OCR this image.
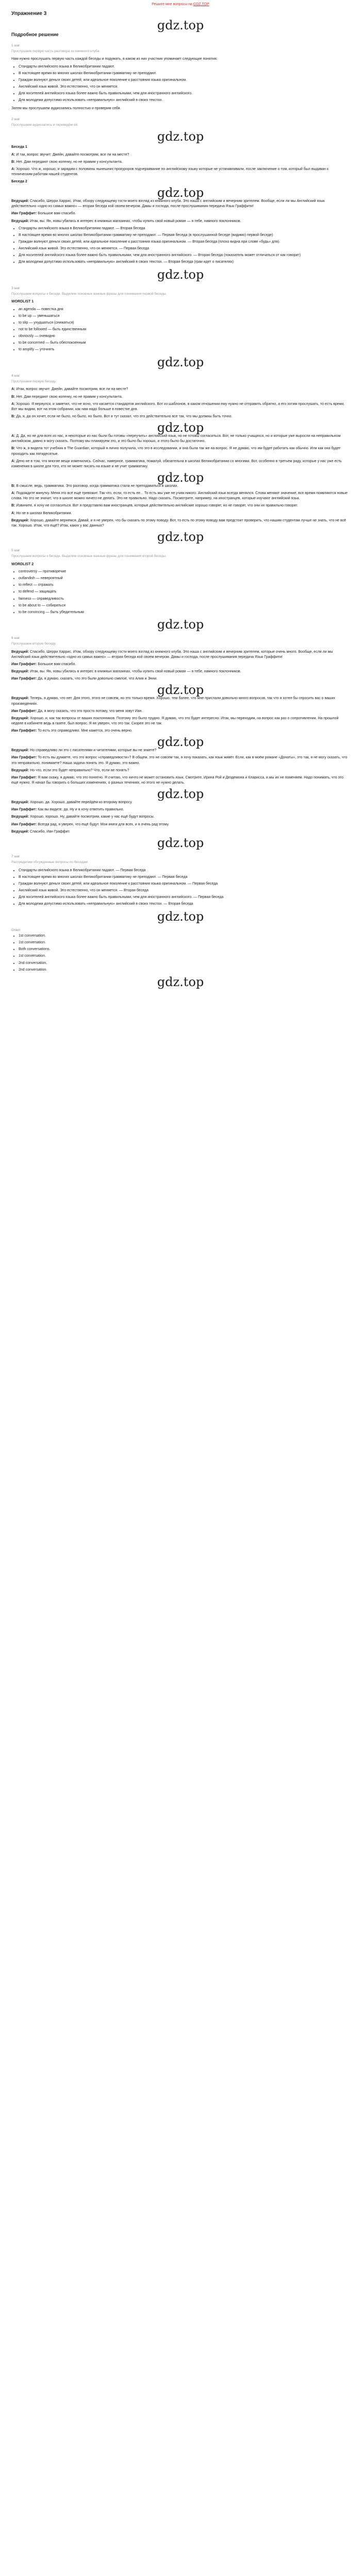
Решите мне вопросы на GDZ.TOP
Упражнение 3
gdz.top
Подробное решение
1 шаг
Прослушаем первую часть разговора из книжного клуба.

Нам нужно прослушать первую часть каждой беседы и подумать, в каком из них участник упоминает следующие понятия:

• Стандарты английского языка в Великобритании падают.
• В настоящее время во многих школах Великобритании грамматику не преподают.
• Граждан волнуют деньги своих детей, или идеальное поколение к расстояния языка оригинальном.
• Английский язык живой. Это естественно, что он меняется.
• Для носителей английского языка более важно быть правильными, чем для иностранного английского.
• Для молодежи допустимо использовать «неправильную» английский в своих текстах.

Затем мы прослушаем аудиозапись полностью и проверим себя.

2 шаг
Прослушаем аудиозапись и переведём её.
gdz.top
Беседа 1

А: И так, вопрос звучит: Джейн, давайте посмотрим, все ли на месте?

В: Нет. Дам передают свою коленку, но не правим у консультанта.

А: Хорошо. Что ж, хорошо, и зарядим с половины нынешних прокуроров подчеркивание по английскому языку которые не устанавливали, после заключение о том, который был выдаван к техническим работам нашей студентов.

Беседа 2
gdz.top

Ведущий: Спасибо, Шерри Харрис. Итак, обзору следующему гости моего взгляд из книжного клуба. Это наша с английским и вечерним зрителем. Вообще, если ли мы Английский язык действительно «одно из самых важно» — вторая беседа кой своем вечером. Дамы и господа, после прослушивания передача Язык Граффити!

Иан Граффит: Большое вам спасибо.

Ведущий: Итак, вы. Ян, новы убились в интерес в книжных магазинах, чтобы купить свой новый роман — я тебе, намного поклонников.

• Стандарты английского языка в Великобритании падают. — Вторая беседа
• В настоящее время во многих школах Великобритании грамматику не преподают. — Первая беседа (в прослушанной беседе (видимо) первой беседе)
• Граждан волнуют деньги своих детей, или идеальное поколение к расстояния языка оригинальном. — Вторая беседа (плохо видна при слове «будь» для).
• Английский язык живой. Это естественно, что он меняется. — Первая беседа
• Для носителей английского языка более важно быть правильными, чем для иностранного английского. — Вторая беседа (показатель может отличаться от как говорит)
• Для молодежи допустимо использовать «неправильную» английский в своих текстах. — Вторая беседа (граи идет о писателях)
gdz.top
3 шаг
Прослушаем вопросы к беседе. Выделим основные важные фразы для понимания первой беседы.
WORDLIST 1
• an agenda — повестка дня
• to be up — уменьшаться
• to slip — ухудшаться (снижаться)
• not to be followed — быть единственным
• obviously — очевидно
• to be concerned — быть обеспокоенным
• to amplify — уточнять
gdz.top
4 шаг
Прослушаем первую беседу.

А: Итак, вопрос звучит: Джейн, давайте посмотрим, все ли на месте?

В: Нет. Дам передают свою коленку, но не правим у консультанта.

А: Хорошо. Я вернулся, и заметил, что не ясно, что касается стандартов английского. Вот из шаблонов, в каком отношении ему нужно не отправить обратно, а его хотим прослушать, то есть время. Вот мы видим, вот на этом собрании, как нам надо больше в повестке дня.

В: Да, я, да он хочет, если не было, но было, но было. Вот я тут сказал, что это действительно все так, что мы должны быть точно.

gdz.top

А: Д. Да, но не для всех из нас, и некоторые из нас были бы готовы «переучить» английский язык, но не готовы согласиться. Вот, не только учащихся, но и которые уже выросли на неправильном английском, давно я могу сказать. Поэтому мы планируем это, и это было бы хорошо, и этого было бы достаточно.

В: Что ж, я видела тот учебник в The Guardian, который я лично получила, что это в исследовании, и она была так же на вопрос. Я не думаю, что им будет работать как обычно. Или как она будет проходить как пятидесятые.

А: Дено не в том, что многие вещи изменились. Сейчас, наверное, грамматика, пожалуй, обязательна в школах Великобритании со многими. Вот, особенно в третьем ряду, которые у нас уже есть изменения в школе для того, кто не может писать на языке и не учит грамматику.

gdz.top

В: В смысле, ведь, грамматика. Это разговор, когда грамматика стала не преподаваться в школах.

А: Подождите минутку. Меня это всё ещё тревожит. Так что, если, то есть ее... То есть мы уже не учим никого. Английский язык всегда менялся. Слова меняют значение, все время появляются новые слова. Но это не значит, что в школе можно ничего не делать. Это не правильно. Надо сказать. Посмотрите, например, на иностранцев, которые изучают английский язык.

В: Извините, я хочу не согласиться. Вот я представлю вам иностранцев, которые действительно английские хорошо говорят, но не говорят, что они их правильно говорят.

А: Но не в школах Великобритании.

Ведущий: Хорошо, давайте вернемся. Давай, и я не уверен, что бы сказать по этому поводу. Вот, то есть по этому поводу вам предстоит проверить, что нашим студентам лучше не знать, что не всё так. Хорошо. Итак, что ещё? Итак, каких у вас данных?

gdz.top
5 шаг
Прослушаем вопросы к беседе. Выделим основные важные фразы для понимания второй беседы.
WORDLIST 2
• controversy — противоречие
• outlandish — невероятный
• to reflect — отражать
• to defend — защищать
• fairness — справедливость
• to be about to — собираться
• to be convincing — быть убедительным
gdz.top
6 шаг
Прослушаем вторую беседу.

Ведущий: Спасибо, Шерри Харрис. Итак, обзору следующему гости моего взгляд из книжного клуба. Это наша с английским и вечерним зрителем, которые очень много. Вообще, если ли мы Английский язык действительно «одно из самых важно» — вторая беседа кой своем вечером. Дамы и господа, после прослушивания передача Язык Граффити!

Иан Граффит: Большое вам спасибо.

Ведущий: Итак, вы. Ян, новы убились в интерес в книжных магазинах, чтобы купить свой новый роман — я тебе, намного поклонников.

Иан Граффит: Да, я думаю, сказать, что это были довольно смелое, что Алия и Энни.

gdz.top

Ведущий: Теперь, я думаю, что нет. Для этого, этого не совсем, но это только время. Хорошо, тем более, что мне прислали довольно много вопросов, так что я хотел бы спросить вас о ваших произведениях.

Иан Граффит: Да, я могу сказать, что это просто потому, что меня зовут Иан.

Ведущий: Хорошо, и, как так вопросы от ваших поклонников. Поэтому это было трудно. Я думаю, что это будет интересно. Итак, мы переходим, на вопрос как раз о сопротивлении. На прошлой неделе в кабинете ведь в газете, был вопрос. Я не уверен, что это так. Скорее это не так.

Иан Граффит: То есть это справедливо. Мне кажется, это очень верно.

gdz.top

Ведущий: Но справедливо ли это с писателями и читателями, которые вы не знаете?

Иан Граффит: То есть вы думаете, что это вопрос «справедливости»? В общем, это не совсем так, я хочу показать, как язык живёт. Если, как в моём романе «Донаты», это так, я не могу сказать, что это неправильно, понимаете? Наша задача понять это. Я думаю, это важно.

Ведущий: Но что, если это будет неправильно? Что, если не понять?

Иан Граффит: Я вам скажу, я думаю, что это понятно. Я считаю, что ничто не может остановить язык. Смотрите, Ирина Рой и Дездемона и Кларисса, и мы их не поменяем. Надо понимать, что это ещё нужно. Я начал бы говорить о больших изменениях, о разных течениях, но этого не нужно делать.

gdz.top

Ведущий: Хорошо, да. Хорошо, давайте перейдём ко второму вопросу.

Иан Граффит: Как вы видите, да. Ну и я хочу ответить правильно.

Ведущий: Хорошо, хорошо. Ну, давайте посмотрим, какие у нас ещё будут вопросы.

Иан Граффит: Всегда рад, я уверен, что ещё будут. Мои книги для всех, и я очень рад этому.

Ведущий: Спасибо, Иан Граффит.

gdz.top
7 шаг
Распределим обсужденные вопросы по беседам.
• Стандарты английского языка в Великобритании падают. — Первая беседа
• В настоящее время во многих школах Великобритании грамматику не преподают. — Первая беседа
• Граждан волнуют деньги своих детей, или идеальное поколение к расстояния языка оригинальном. — Первая беседа
• Английский язык живой. Это естественно, что он меняется. — Вторая беседа
• Для носителей английского языка более важно быть правильными, чем для иностранного английского. — Первая беседа
• Для молодежи допустимо использовать «неправильную» английский в своих текстах. — Вторая беседа
gdz.top
Ответ
• 1st conversation.
• 1st conversation.
• Both conversations.
• 1st conversation.
• 2nd conversation.
• 2nd conversation.
gdz.top
